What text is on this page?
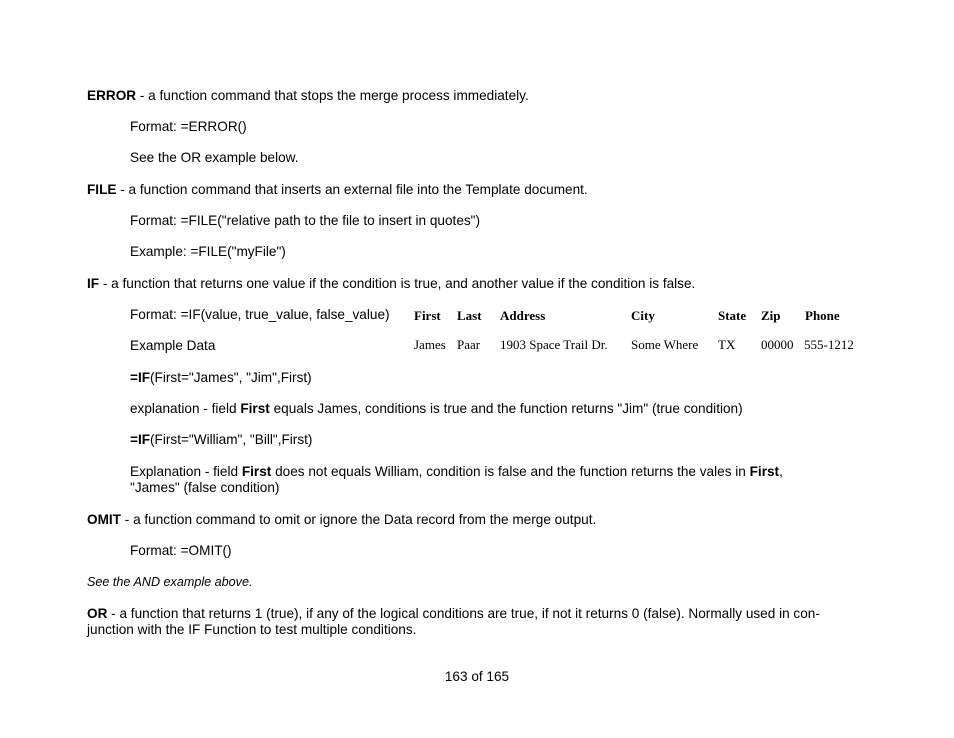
ERROR - a function command that stops the merge process immediately.
Format: =ERROR()
See the OR example below.
FILE - a function command that inserts an external file into the Template document.
Format: =FILE("relative path to the file to insert in quotes")
Example: =FILE("myFile")
IF - a function that returns one value if the condition is true, and another value if the condition is false.
Format: =IF(value, true_value, false_value)
Example Data
First Last Address	City	State Zip Phone
James Paar 1903 Space Trail Dr. Some Where TX 00000 555-1212
=IF(First="James", "Jim",First)
explanation - field First equals James, conditions is true and the function returns "Jim" (true condition)
=IF(First="William", "Bill",First)
Explanation - field First does not equals William, condition is false and the function returns the vales in First,
"James" (false condition)
OMIT - a function command to omit or ignore the Data record from the merge output.
Format: =OMIT()
See the AND example above.
OR - a function that returns 1 (true), if any of the logical conditions are true, if not it returns 0 (false). Normally used in con-
junction with the IF Function to test multiple conditions.
163 of 165
